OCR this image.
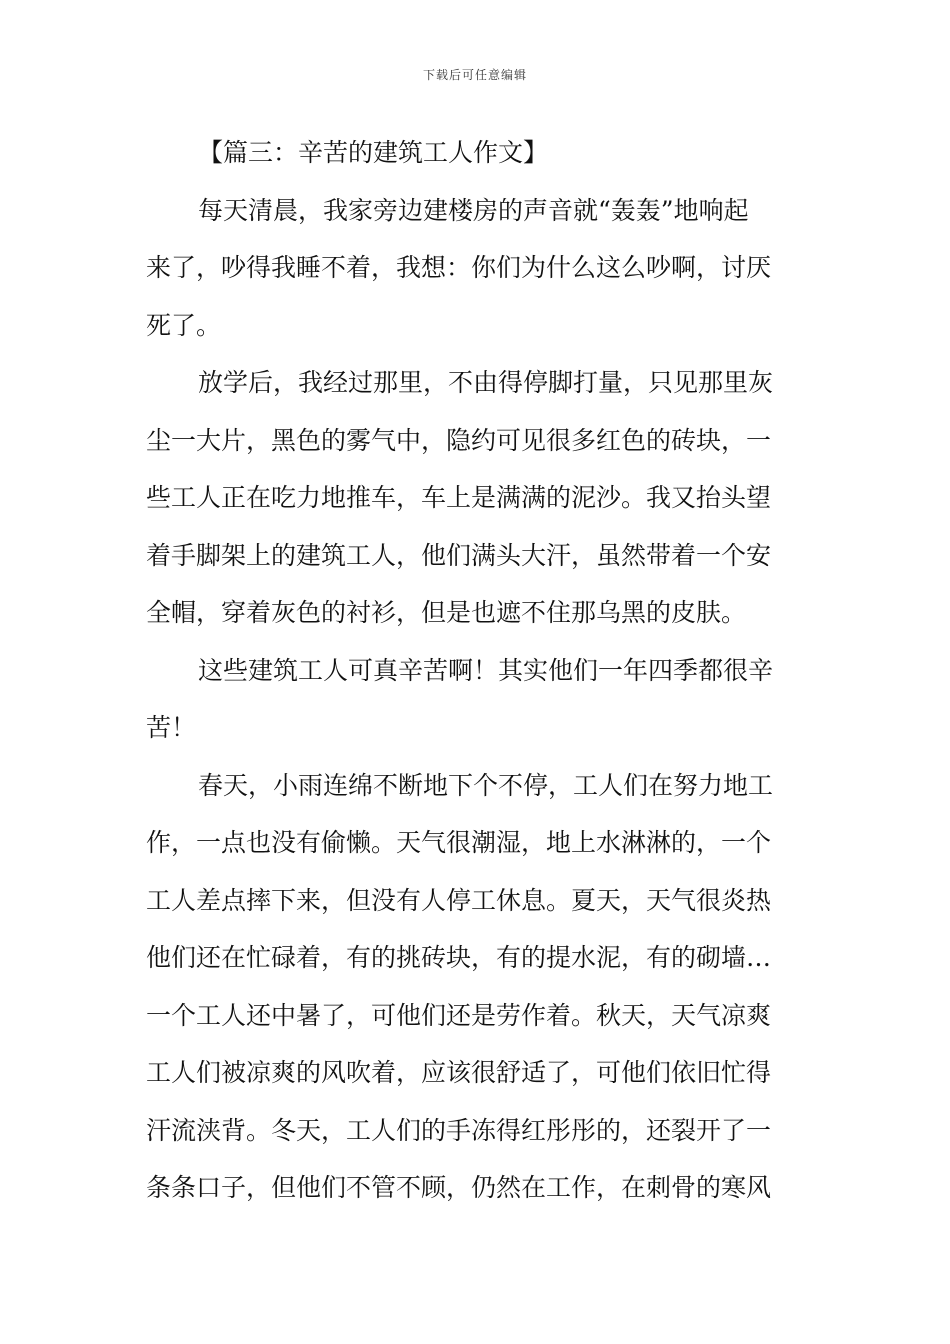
下载后可任意编辑
【篇三：辛苦的建筑工人作文】
每天清晨，我家旁边建楼房的声音就“轰轰”地响起
来了，吵得我睡不着，我想：你们为什么这么吵啊，讨厌
死了。
放学后，我经过那里，不由得停脚打量，只见那里灰
尘一大片，黑色的雾气中，隐约可见很多红色的砖块，一
些工人正在吃力地推车，车上是满满的泥沙。我又抬头望
着手脚架上的建筑工人，他们满头大汗，虽然带着一个安
全帽，穿着灰色的衬衫，但是也遮不住那乌黑的皮肤。
这些建筑工人可真辛苦啊！其实他们一年四季都很辛
苦！
春天，小雨连绵不断地下个不停，工人们在努力地工
作，一点也没有偷懒。天气很潮湿，地上水淋淋的，一个
工人差点摔下来，但没有人停工休息。夏天，天气很炎热
他们还在忙碌着，有的挑砖块，有的提水泥，有的砌墙…
一个工人还中暑了，可他们还是劳作着。秋天，天气凉爽
工人们被凉爽的风吹着，应该很舒适了，可他们依旧忙得
汗流浃背。冬天，工人们的手冻得红彤彤的，还裂开了一
条条口子，但他们不管不顾，仍然在工作，在刺骨的寒风
